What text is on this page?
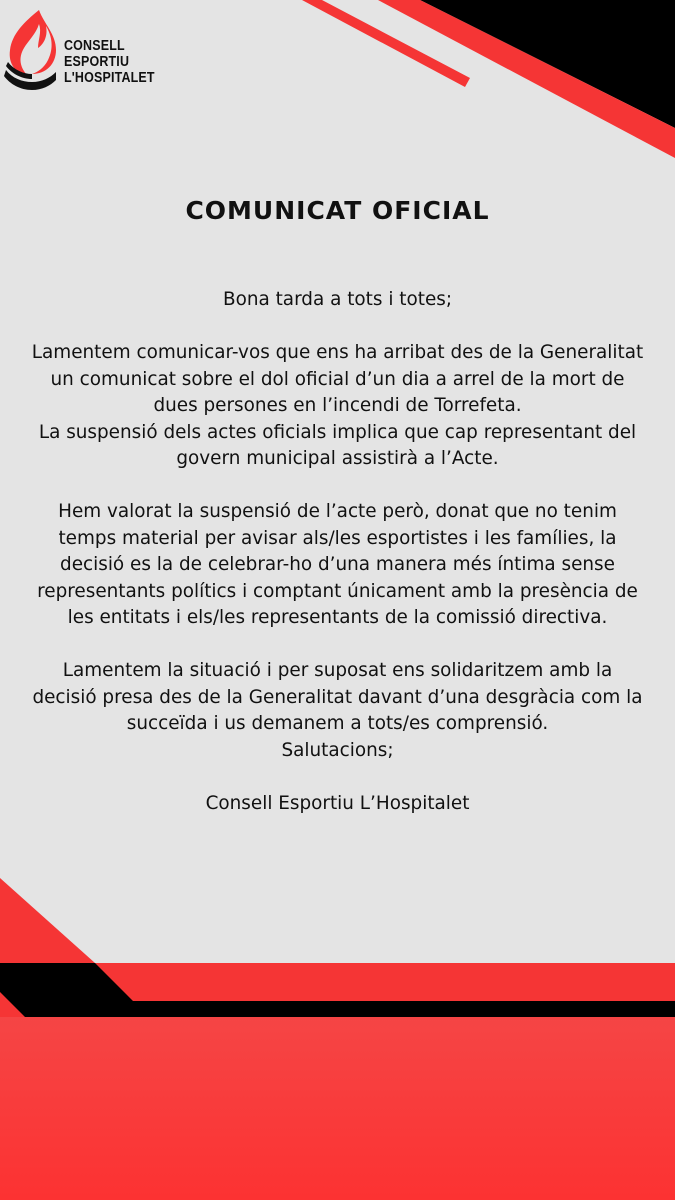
CONSELL
ESPORTIU
L'HOSPITALET
COMUNICAT OFICIAL

Bona tarda a tots i totes;

Lamentem comunicar-vos que ens ha arribat des de la Generalitat

un comunicat sobre el dol oficial d’un dia a arrel de la mort de

dues persones en l’incendi de Torrefeta.

La suspensió dels actes oficials implica que cap representant del

govern municipal assistirà a l’Acte.

Hem valorat la suspensió de l’acte però, donat que no tenim

temps material per avisar als/les esportistes i les famílies, la

decisió es la de celebrar-ho d’una manera més íntima sense

representants polítics i comptant únicament amb la presència de

les entitats i els/les representants de la comissió directiva.

Lamentem la situació i per suposat ens solidaritzem amb la

decisió presa des de la Generalitat davant d’una desgràcia com la

succeïda i us demanem a tots/es comprensió.

Salutacions;

Consell Esportiu L’Hospitalet
